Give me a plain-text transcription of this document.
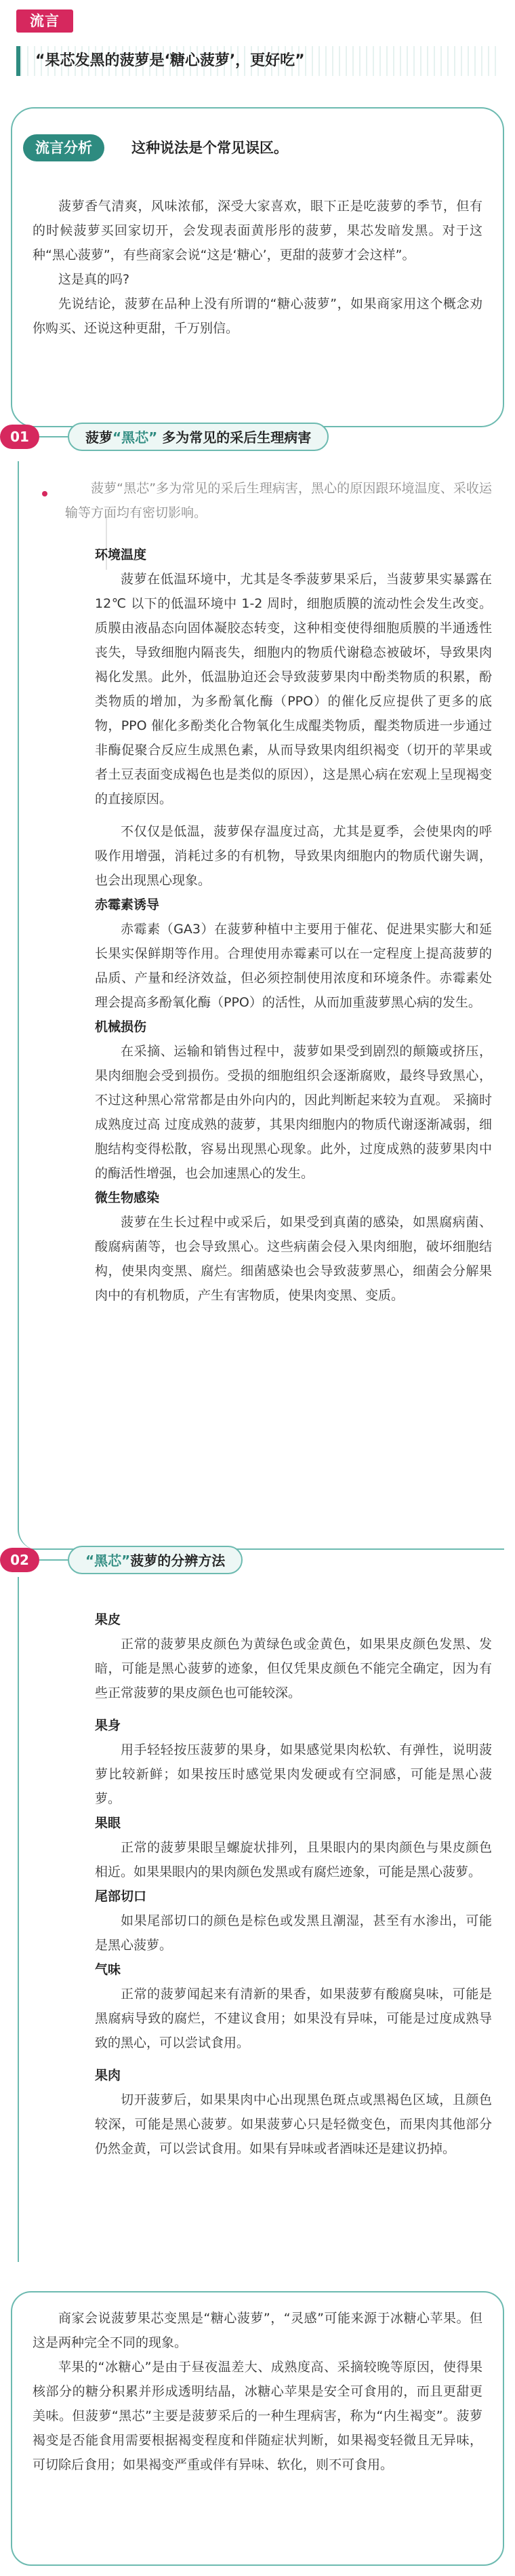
流言
“果芯发黑的菠萝是‘糖心菠萝’，更好吃”
流言分析	这种说法是个常见误区。

菠萝香气清爽，风味浓郁，深受大家喜欢，眼下正是吃菠萝的季节，但有的时候菠萝买回家切开，会发现表面黄彤彤的菠萝，果芯发暗发黑。对于这种“黑心菠萝”，有些商家会说“这是‘糖心’，更甜的菠萝才会这样”。

这是真的吗?

先说结论，菠萝在品种上没有所谓的“糖心菠萝”，如果商家用这个概念劝你购买、还说这种更甜，千万别信。

01	菠萝“黑芯” 多为常见的采后生理病害

菠萝“黑芯”多为常见的采后生理病害，黑心的原因跟环境温度、采收运输等方面均有密切影响。

环境温度

菠萝在低温环境中，尤其是冬季菠萝果采后，当菠萝果实暴露在 12℃ 以下的低温环境中 1-2 周时，细胞质膜的流动性会发生改变。质膜由液晶态向固体凝胶态转变，这种相变使得细胞质膜的半通透性丧失，导致细胞内隔丧失，细胞内的物质代谢稳态被破坏，导致果肉褐化发黑。此外，低温胁迫还会导致菠萝果肉中酚类物质的积累，酚类物质的增加，为多酚氧化酶（PPO）的催化反应提供了更多的底物，PPO 催化多酚类化合物氧化生成醌类物质，醌类物质进一步通过非酶促聚合反应生成黑色素，从而导致果肉组织褐变（切开的苹果或者土豆表面变成褐色也是类似的原因），这是黑心病在宏观上呈现褐变的直接原因。

不仅仅是低温，菠萝保存温度过高，尤其是夏季，会使果肉的呼吸作用增强，消耗过多的有机物，导致果肉细胞内的物质代谢失调，也会出现黑心现象。

赤霉素诱导

赤霉素（GA3）在菠萝种植中主要用于催花、促进果实膨大和延长果实保鲜期等作用。合理使用赤霉素可以在一定程度上提高菠萝的品质、产量和经济效益，但必须控制使用浓度和环境条件。赤霉素处理会提高多酚氧化酶（PPO）的活性，从而加重菠萝黑心病的发生。

机械损伤

在采摘、运输和销售过程中，菠萝如果受到剧烈的颠簸或挤压，果肉细胞会受到损伤。受损的细胞组织会逐渐腐败，最终导致黑心，不过这种黑心常常都是由外向内的，因此判断起来较为直观。 采摘时成熟度过高 过度成熟的菠萝，其果肉细胞内的物质代谢逐渐减弱，细胞结构变得松散，容易出现黑心现象。此外，过度成熟的菠萝果肉中的酶活性增强，也会加速黑心的发生。

微生物感染

菠萝在生长过程中或采后，如果受到真菌的感染，如黑腐病菌、酸腐病菌等，也会导致黑心。这些病菌会侵入果肉细胞，破坏细胞结构，使果肉变黑、腐烂。细菌感染也会导致菠萝黑心，细菌会分解果肉中的有机物质，产生有害物质，使果肉变黑、变质。

02	“黑芯”菠萝的分辨方法
果皮

正常的菠萝果皮颜色为黄绿色或金黄色，如果果皮颜色发黑、发暗，可能是黑心菠萝的迹象，但仅凭果皮颜色不能完全确定，因为有些正常菠萝的果皮颜色也可能较深。

果身

用手轻轻按压菠萝的果身，如果感觉果肉松软、有弹性，说明菠萝比较新鲜；如果按压时感觉果肉发硬或有空洞感，可能是黑心菠萝。

果眼

正常的菠萝果眼呈螺旋状排列，且果眼内的果肉颜色与果皮颜色相近。如果果眼内的果肉颜色发黑或有腐烂迹象，可能是黑心菠萝。

尾部切口

如果尾部切口的颜色是棕色或发黑且潮湿，甚至有水渗出，可能是黑心菠萝。

气味

正常的菠萝闻起来有清新的果香，如果菠萝有酸腐臭味，可能是黑腐病导致的腐烂，不建议食用；如果没有异味，可能是过度成熟导致的黑心，可以尝试食用。

果肉

切开菠萝后，如果果肉中心出现黑色斑点或黑褐色区域，且颜色较深，可能是黑心菠萝。如果菠萝心只是轻微变色，而果肉其他部分仍然金黄，可以尝试食用。如果有异味或者酒味还是建议扔掉。

商家会说菠萝果芯变黑是“糖心菠萝”，“灵感”可能来源于冰糖心苹果。但这是两种完全不同的现象。

苹果的“冰糖心”是由于昼夜温差大、成熟度高、采摘较晚等原因，使得果核部分的糖分积累并形成透明结晶，冰糖心苹果是安全可食用的，而且更甜更美味。但菠萝“黑芯”主要是菠萝采后的一种生理病害，称为“内生褐变”。菠萝褐变是否能食用需要根据褐变程度和伴随症状判断，如果褐变轻微且无异味，可切除后食用；如果褐变严重或伴有异味、软化，则不可食用。
